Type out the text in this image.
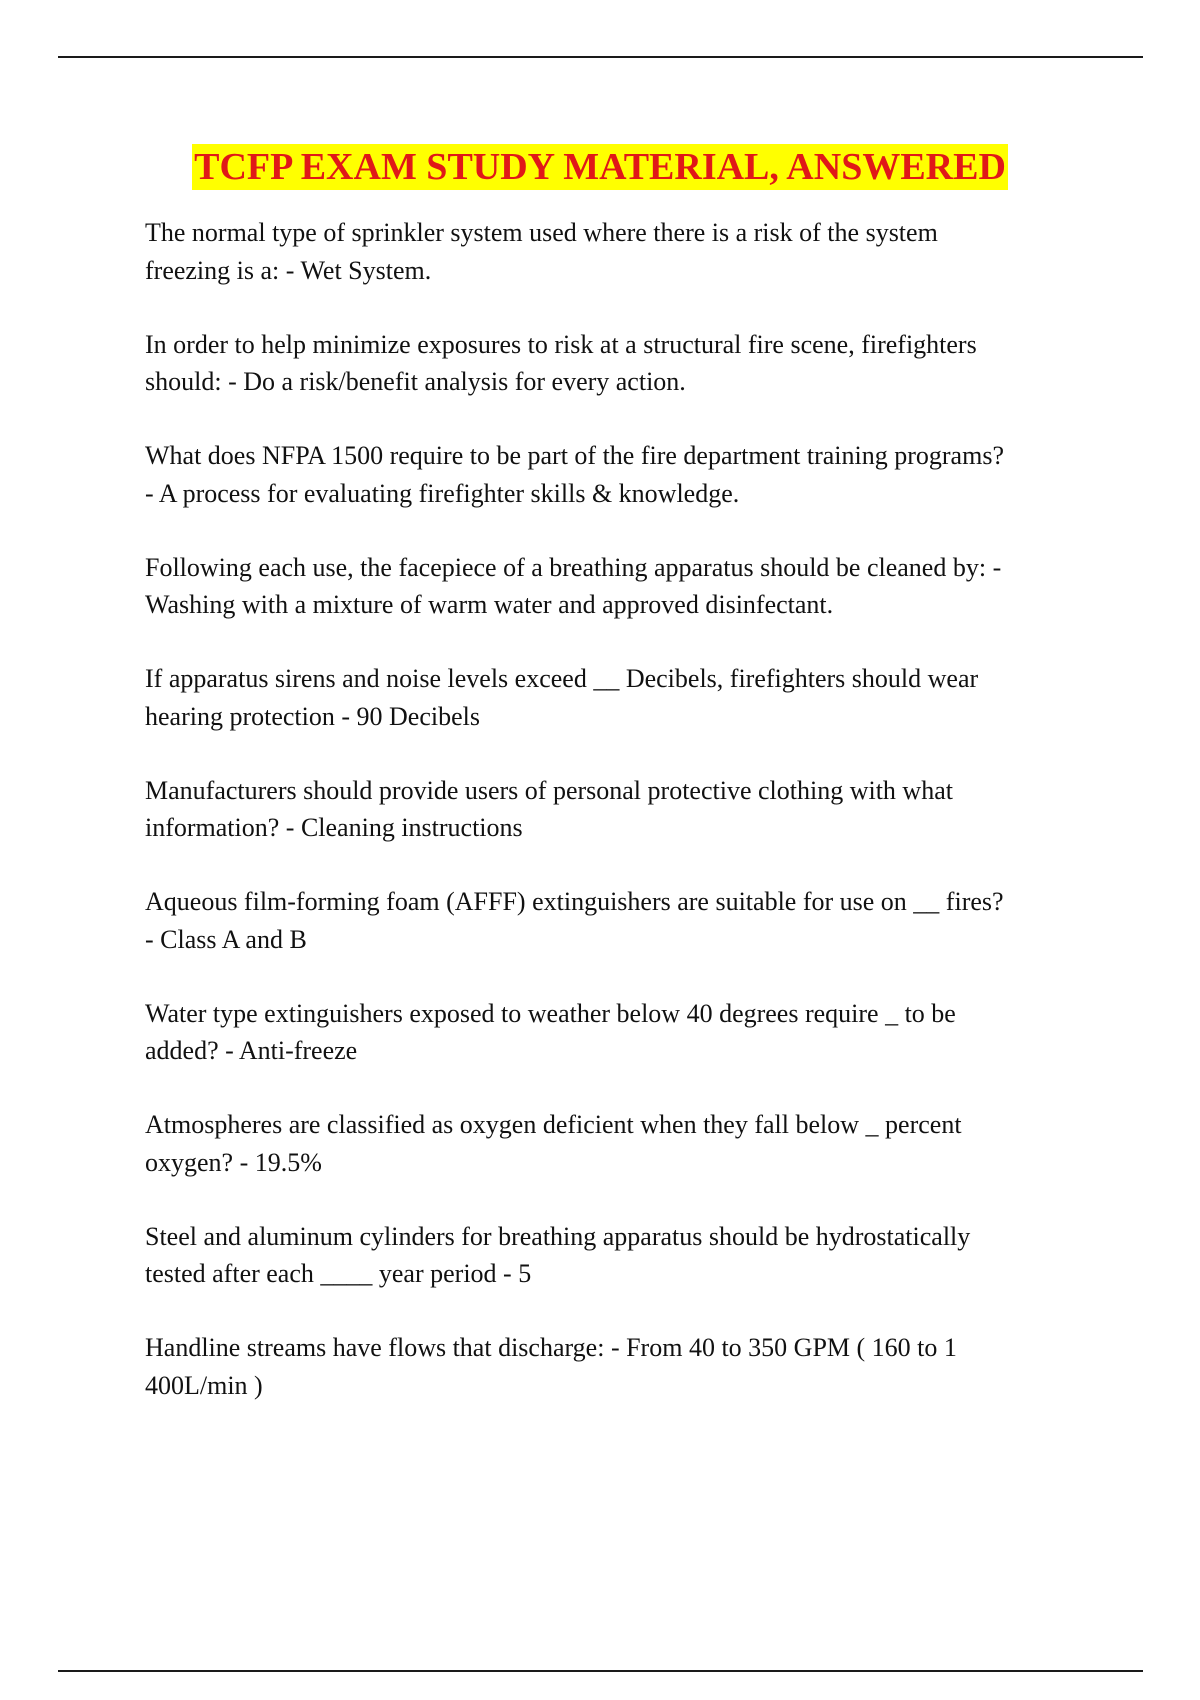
TCFP EXAM STUDY MATERIAL, ANSWERED
The normal type of sprinkler system used where there is a risk of the system
freezing is a: - Wet System.
In order to help minimize exposures to risk at a structural fire scene, firefighters
should: - Do a risk/benefit analysis for every action.
What does NFPA 1500 require to be part of the fire department training programs?
- A process for evaluating firefighter skills & knowledge.
Following each use, the facepiece of a breathing apparatus should be cleaned by: -
Washing with a mixture of warm water and approved disinfectant.
If apparatus sirens and noise levels exceed __ Decibels, firefighters should wear
hearing protection - 90 Decibels
Manufacturers should provide users of personal protective clothing with what
information? - Cleaning instructions
Aqueous film-forming foam (AFFF) extinguishers are suitable for use on __ fires?
- Class A and B
Water type extinguishers exposed to weather below 40 degrees require _ to be
added? - Anti-freeze
Atmospheres are classified as oxygen deficient when they fall below _ percent
oxygen? - 19.5%
Steel and aluminum cylinders for breathing apparatus should be hydrostatically
tested after each ____ year period - 5
Handline streams have flows that discharge: - From 40 to 350 GPM ( 160 to 1
400L/min )
